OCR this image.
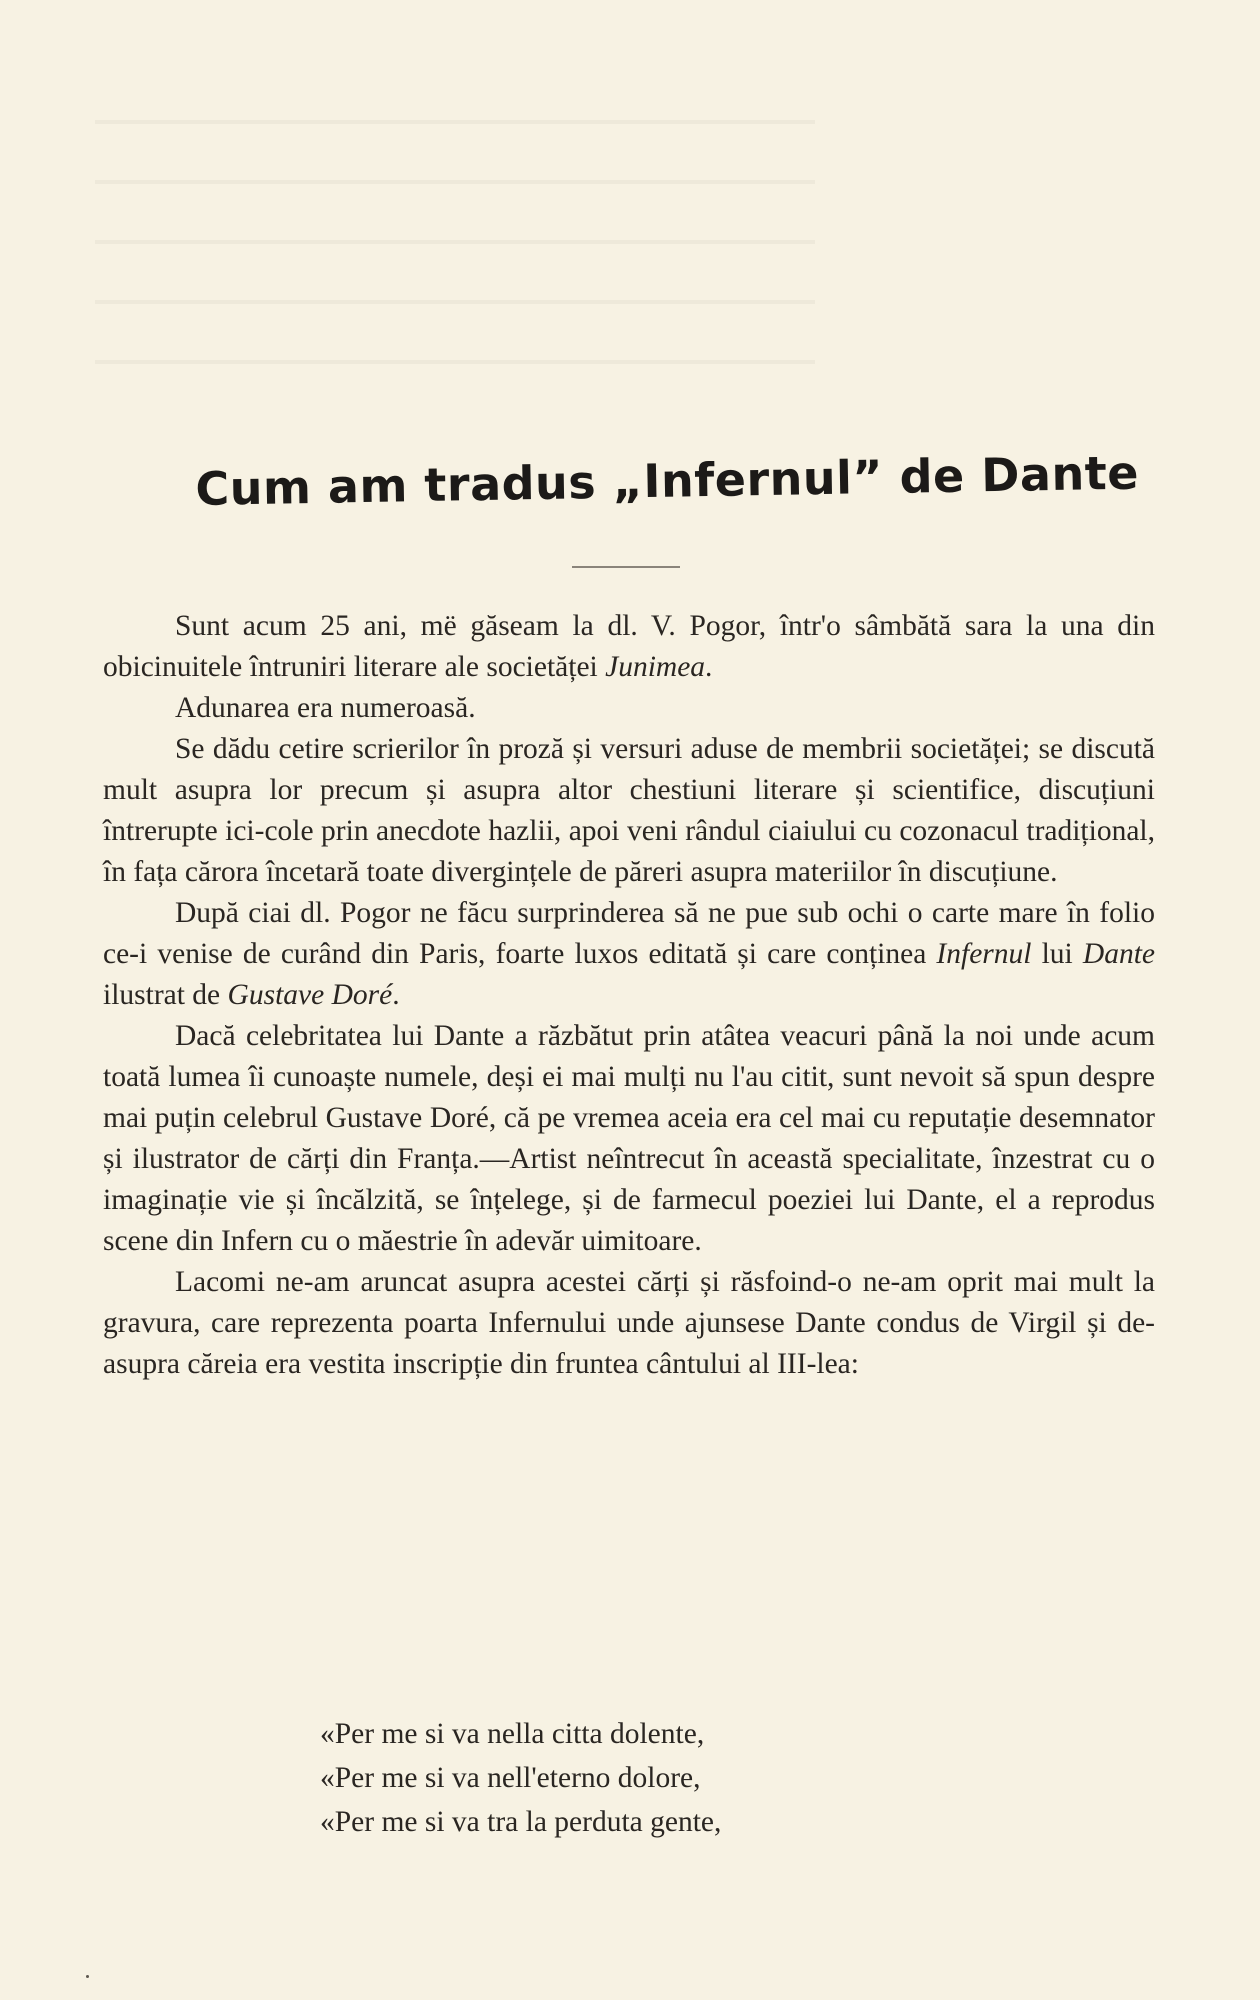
Cum am tradus „Infernul” de Dante

Sunt acum 25 ani, më găseam la dl. V. Pogor, într'o sâmbătă sara la una din obicinuitele întruniri literare ale societăței Junimea.

Adunarea era numeroasă.

Se dădu cetire scrierilor în proză și versuri aduse de membrii societăței; se discută mult asupra lor precum și asupra altor chestiuni literare și scientifice, discuțiuni întrerupte ici-cole prin anecdote hazlii, apoi veni rândul ciaiului cu cozonacul tradițional, în fața cărora încetară toate divergințele de păreri asupra materiilor în discuțiune.

După ciai dl. Pogor ne făcu surprinderea să ne pue sub ochi o carte mare în folio ce-i venise de curând din Paris, foarte luxos editată și care conținea Infernul lui Dante ilustrat de Gustave Doré.

Dacă celebritatea lui Dante a răzbătut prin atâtea veacuri până la noi unde acum toată lumea îi cunoaște numele, deși ei mai mulți nu l'au citit, sunt nevoit să spun despre mai puțin celebrul Gustave Doré, că pe vremea aceia era cel mai cu reputație desemnator și ilustrator de cărți din Franța.—Artist neîntrecut în această specialitate, înzestrat cu o imaginație vie și încălzită, se înțelege, și de farmecul poeziei lui Dante, el a reprodus scene din Infern cu o măestrie în adevăr uimitoare.

Lacomi ne-am aruncat asupra acestei cărți și răsfoind-o ne-am oprit mai mult la gravura, care reprezenta poarta Infernului unde ajunsese Dante condus de Virgil și de-asupra căreia era vestita inscripție din fruntea cântului al III-lea:

«Per me si va nella citta dolente,
«Per me si va nell'eterno dolore,
«Per me si va tra la perduta gente,
